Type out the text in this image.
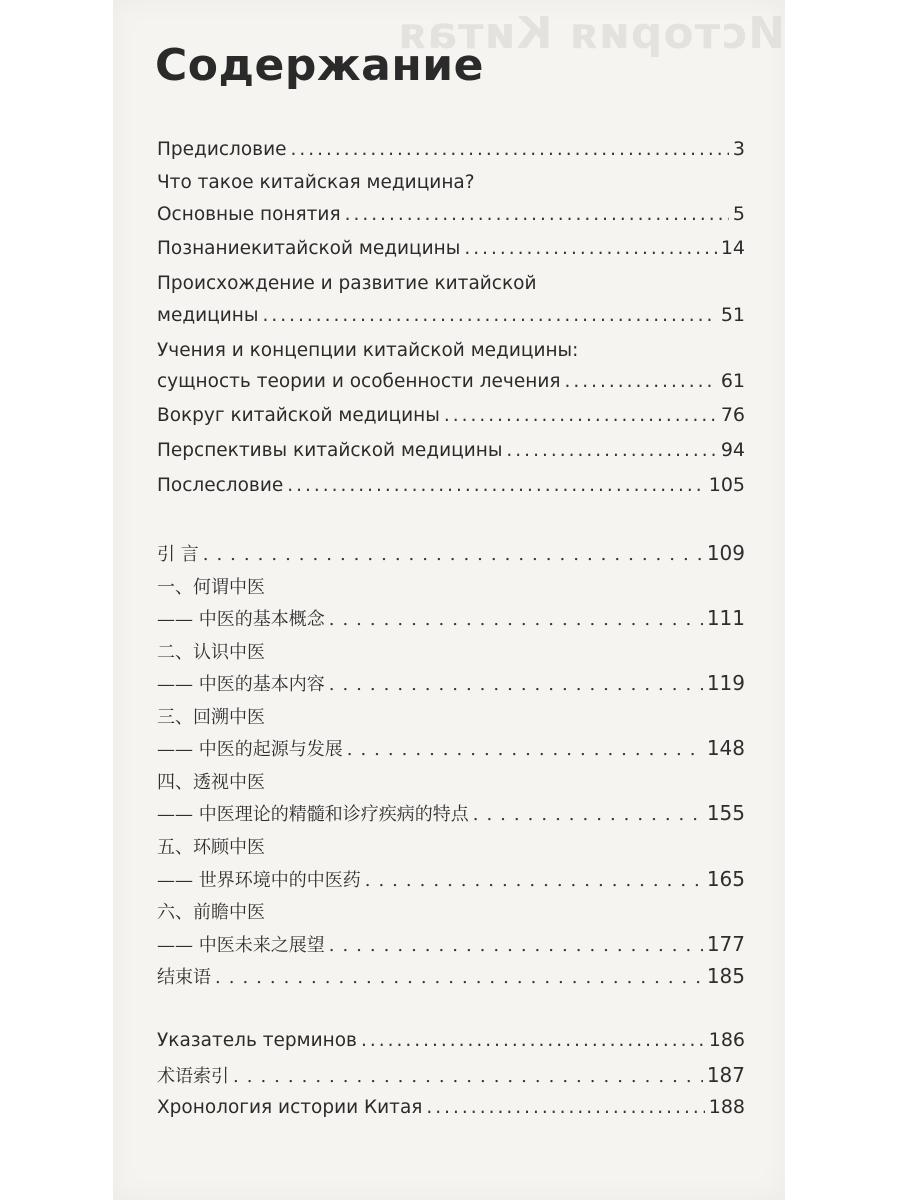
История Китая
Содержание
Предисловие .....	3
Что такое китайская медицина?
Основные понятия .....	5
Познаниекитайской медицины .....	14
Происхождение и развитие китайской
медицины .....	51
Учения и концепции китайской медицины:
сущность теории и особенности лечения .....	61
Вокруг китайской медицины .....	76
Перспективы китайской медицины .....	94
Послесловие .....	105
引 言 .....	109
一、何谓中医
—— 中医的基本概念 .....	111
二、认识中医
—— 中医的基本内容 .....	119
三、回溯中医
—— 中医的起源与发展 .....	148
四、透视中医
—— 中医理论的精髓和诊疗疾病的特点 .....	155
五、环顾中医
—— 世界环境中的中医药 .....	165
六、前瞻中医
—— 中医未来之展望 .....	177
结束语 .....	185
Указатель терминов .....	186
术语索引 .....	187
Хронология истории Китая .....	188
